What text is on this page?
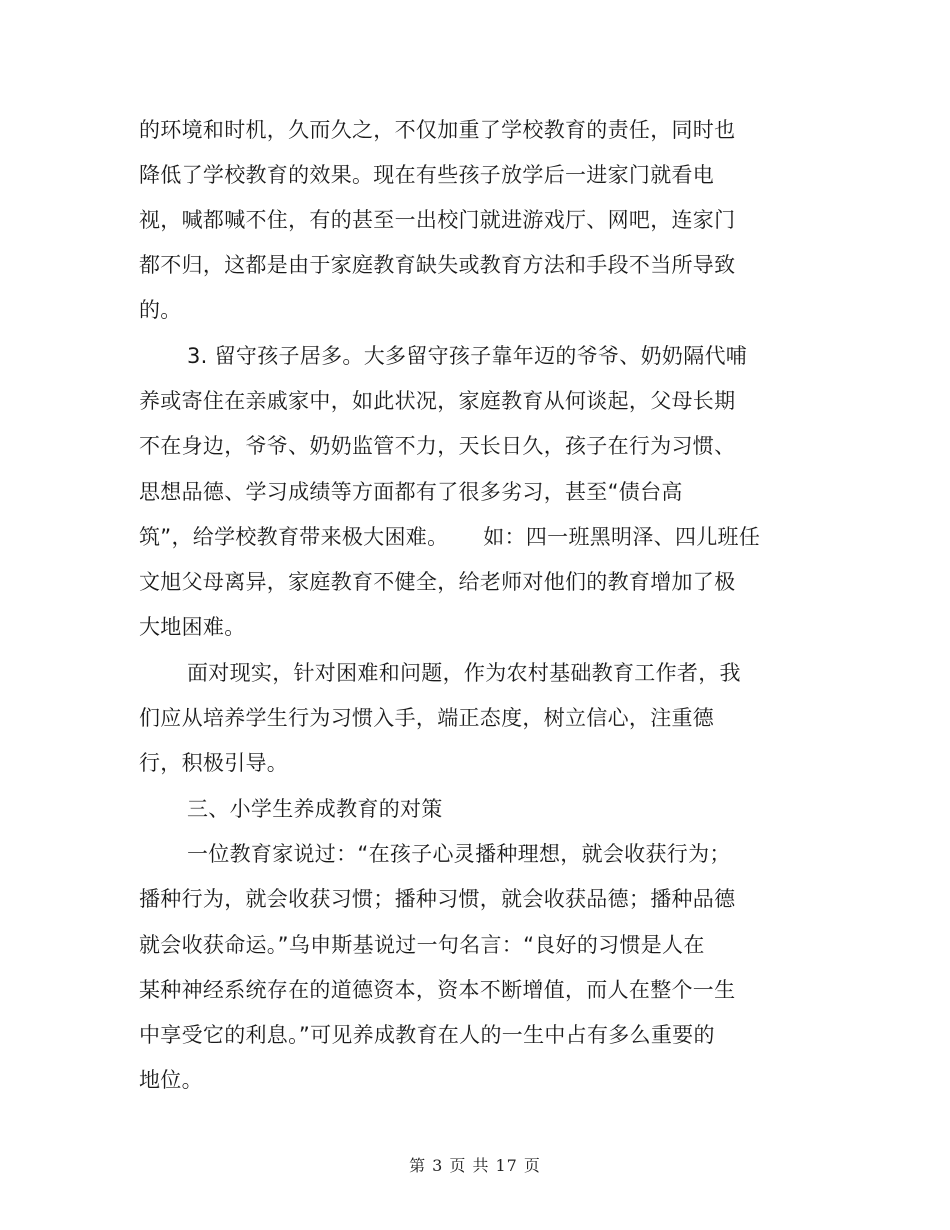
的环境和时机，久而久之，不仅加重了学校教育的责任，同时也
降低了学校教育的效果。现在有些孩子放学后一进家门就看电
视，喊都喊不住，有的甚至一出校门就进游戏厅、网吧，连家门
都不归，这都是由于家庭教育缺失或教育方法和手段不当所导致
的。
3. 留守孩子居多。大多留守孩子靠年迈的爷爷、奶奶隔代哺
养或寄住在亲戚家中，如此状况，家庭教育从何谈起，父母长期
不在身边，爷爷、奶奶监管不力，天长日久，孩子在行为习惯、
思想品德、学习成绩等方面都有了很多劣习，甚至“债台高
筑”，给学校教育带来极大困难。     如：四一班黑明泽、四儿班任
文旭父母离异，家庭教育不健全，给老师对他们的教育增加了极
大地困难。
面对现实，针对困难和问题，作为农村基础教育工作者，我
们应从培养学生行为习惯入手，端正态度，树立信心，注重德
行，积极引导。
三、小学生养成教育的对策
一位教育家说过：“在孩子心灵播种理想，就会收获行为；
播种行为，就会收获习惯；播种习惯，就会收获品德；播种品德
就会收获命运。”乌申斯基说过一句名言：“良好的习惯是人在
某种神经系统存在的道德资本，资本不断增值，而人在整个一生
中享受它的利息。”可见养成教育在人的一生中占有多么重要的
地位。
第 3 页 共 17 页
